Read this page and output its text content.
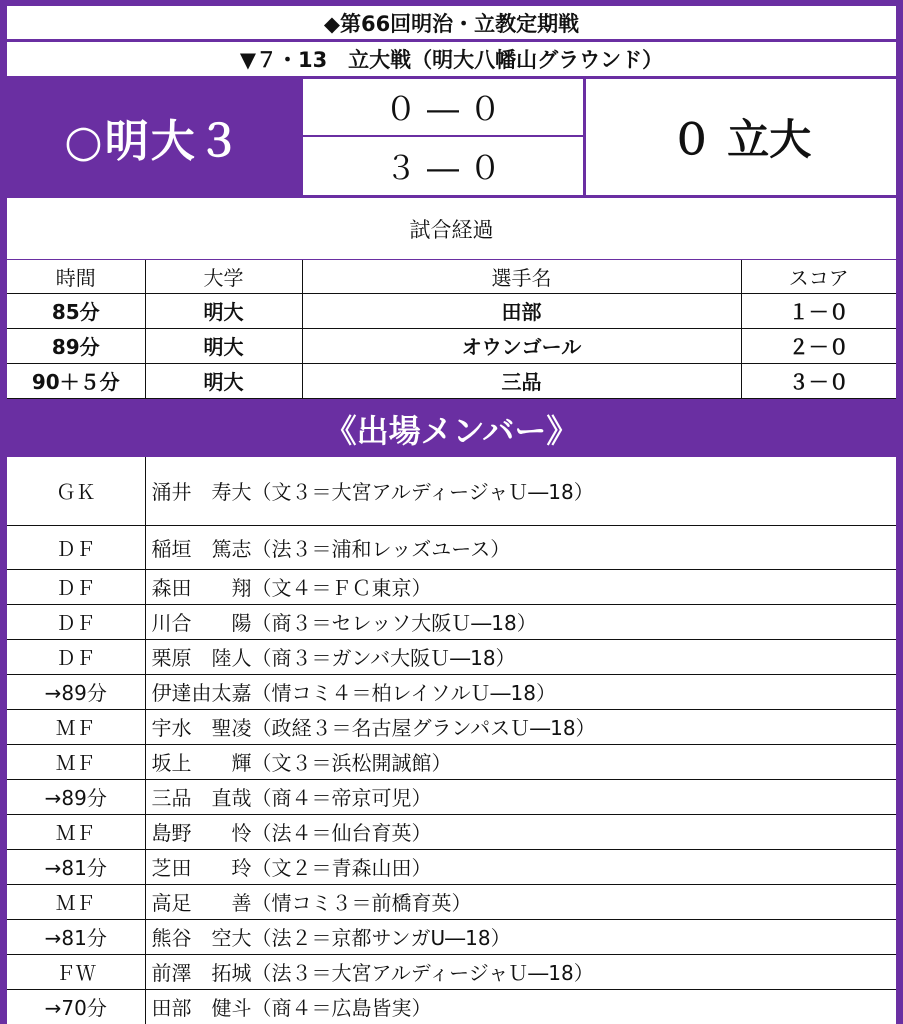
◆第66回明治・立教定期戦
▼７・13　立大戦（明大八幡山グラウンド）
○明大３
０ ― ０
３ ― ０
０ 立大
試合経過
時間	大学	選手名	スコア
85分	明大	田部	１－０
89分	明大	オウンゴール	２－０
90＋５分	明大	三品	３－０
《出場メンバー》
ＧＫ	涌井　寿大（文３＝大宮アルディージャＵ―18）
ＤＦ	稲垣　篤志（法３＝浦和レッズユース）
ＤＦ	森田　　翔（文４＝ＦＣ東京）
ＤＦ	川合　　陽（商３＝セレッソ大阪Ｕ―18）
ＤＦ	栗原　陸人（商３＝ガンバ大阪Ｕ―18）
→89分	伊達由太嘉（情コミ４＝柏レイソルＵ―18）
ＭＦ	宇水　聖凌（政経３＝名古屋グランパスＵ―18）
ＭＦ	坂上　　輝（文３＝浜松開誠館）
→89分	三品　直哉（商４＝帝京可児）
ＭＦ	島野　　怜（法４＝仙台育英）
→81分	芝田　　玲（文２＝青森山田）
ＭＦ	高足　　善（情コミ３＝前橋育英）
→81分	熊谷　空大（法２＝京都サンガU―18）
ＦＷ	前澤　拓城（法３＝大宮アルディージャＵ―18）
→70分	田部　健斗（商４＝広島皆実）
